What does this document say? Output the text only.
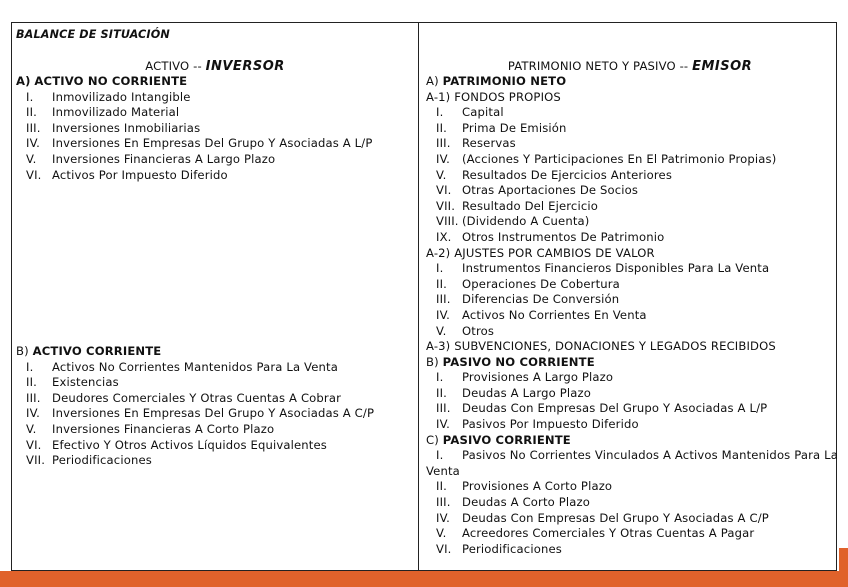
BALANCE DE SITUACIÓN
ACTIVO -- INVERSOR
A) ACTIVO NO CORRIENTE
I.	Inmovilizado Intangible
II.	Inmovilizado Material
III. Inversiones Inmobiliarias
IV.	Inversiones En Empresas Del Grupo Y Asociadas A L/P
V.	Inversiones Financieras A Largo Plazo
VI. Activos Por Impuesto Diferido
B) ACTIVO CORRIENTE
I.	Activos No Corrientes Mantenidos Para La Venta
II.	Existencias
III. Deudores Comerciales Y Otras Cuentas A Cobrar
IV.	Inversiones En Empresas Del Grupo Y Asociadas A C/P
V.	Inversiones Financieras A Corto Plazo
VI. Efectivo Y Otros Activos Líquidos Equivalentes
VII. Periodificaciones
PATRIMONIO NETO Y PASIVO -- EMISOR
A) PATRIMONIO NETO
A-1) FONDOS PROPIOS
I.	Capital
II.	Prima De Emisión
III. Reservas
IV.	(Acciones Y Participaciones En El Patrimonio Propias)
V.	Resultados De Ejercicios Anteriores
VI. Otras Aportaciones De Socios
VII. Resultado Del Ejercicio
VIII. (Dividendo A Cuenta)
IX. Otros Instrumentos De Patrimonio
A-2) AJUSTES POR CAMBIOS DE VALOR
I.	Instrumentos Financieros Disponibles Para La Venta
II.	Operaciones De Cobertura
III. Diferencias De Conversión
IV.	Activos No Corrientes En Venta
V.	Otros
A-3) SUBVENCIONES, DONACIONES Y LEGADOS RECIBIDOS
B) PASIVO NO CORRIENTE
I.	Provisiones A Largo Plazo
II.	Deudas A Largo Plazo
III. Deudas Con Empresas Del Grupo Y Asociadas A L/P
IV.	Pasivos Por Impuesto Diferido
C) PASIVO CORRIENTE
I.	Pasivos No Corrientes Vinculados A Activos Mantenidos Para La
Venta
II.	Provisiones A Corto Plazo
III. Deudas A Corto Plazo
IV.	Deudas Con Empresas Del Grupo Y Asociadas A C/P
V.	Acreedores Comerciales Y Otras Cuentas A Pagar
VI. Periodificaciones
